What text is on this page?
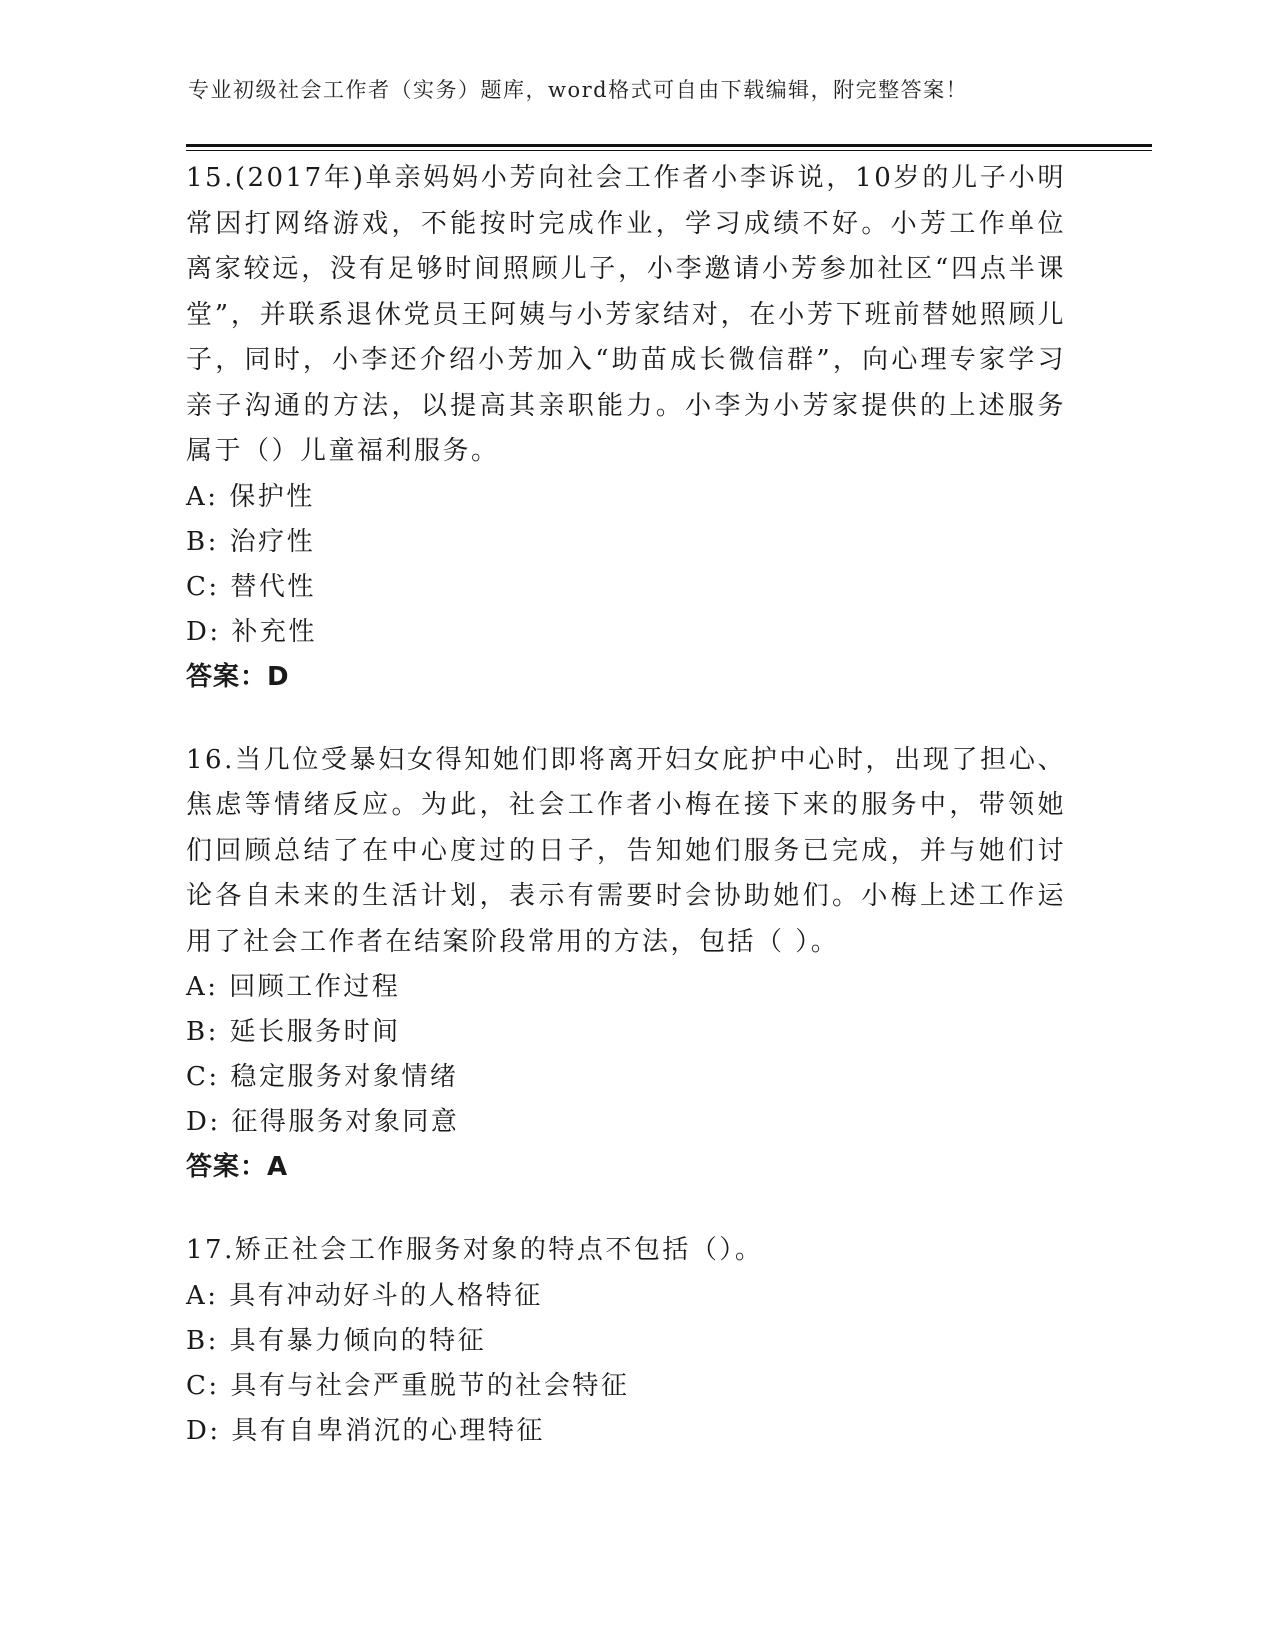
专业初级社会工作者（实务）题库，word格式可自由下载编辑，附完整答案！

15.(2017年)单亲妈妈小芳向社会工作者小李诉说，10岁的儿子小明常因打网络游戏，不能按时完成作业，学习成绩不好。小芳工作单位离家较远，没有足够时间照顾儿子，小李邀请小芳参加社区“四点半课堂”，并联系退休党员王阿姨与小芳家结对，在小芳下班前替她照顾儿子，同时，小李还介绍小芳加入“助苗成长微信群”，向心理专家学习亲子沟通的方法，以提高其亲职能力。小李为小芳家提供的上述服务属于（）儿童福利服务。

A: 保护性

B: 治疗性

C: 替代性

D: 补充性

答案：D

16.当几位受暴妇女得知她们即将离开妇女庇护中心时，出现了担心、焦虑等情绪反应。为此，社会工作者小梅在接下来的服务中，带领她们回顾总结了在中心度过的日子，告知她们服务已完成，并与她们讨论各自未来的生活计划，表示有需要时会协助她们。小梅上述工作运用了社会工作者在结案阶段常用的方法，包括（ ）。

A: 回顾工作过程

B: 延长服务时间

C: 稳定服务对象情绪

D: 征得服务对象同意

答案：A

17.矫正社会工作服务对象的特点不包括（）。

A: 具有冲动好斗的人格特征

B: 具有暴力倾向的特征

C: 具有与社会严重脱节的社会特征

D: 具有自卑消沉的心理特征
